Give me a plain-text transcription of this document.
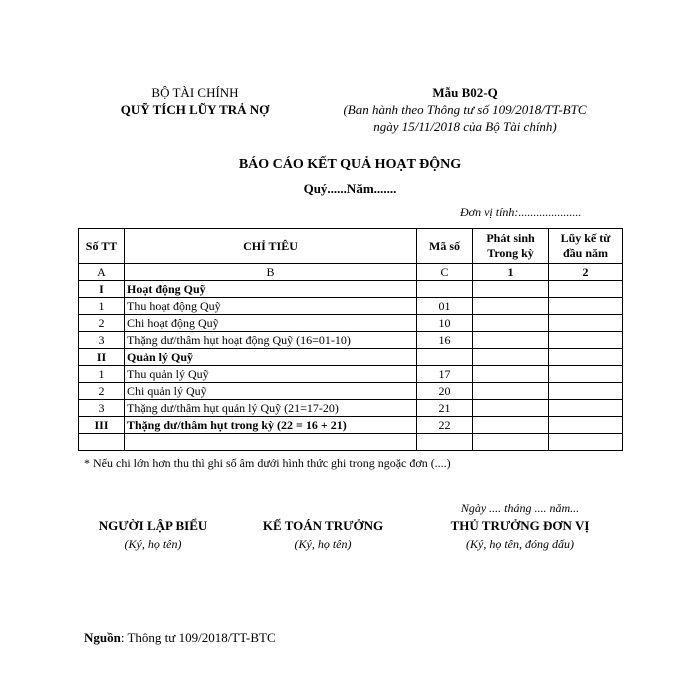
BỘ TÀI CHÍNH
QUỸ TÍCH LŨY TRẢ NỢ
Mẫu B02-Q
(Ban hành theo Thông tư số 109/2018/TT-BTC
ngày 15/11/2018 của Bộ Tài chính)
BÁO CÁO KẾT QUẢ HOẠT ĐỘNG
Quý......Năm.......
Đơn vị tính:.....................
Số TT	CHỈ TIÊU	Mã số	Phát sinh Trong kỳ	Lũy kế từ đầu năm
A	B	C	1	2
I	Hoạt động Quỹ			
1	Thu hoạt động Quỹ	01		
2	Chi hoạt động Quỹ	10		
3	Thặng dư/thâm hụt hoạt động Quỹ (16=01-10)	16		
II	Quản lý Quỹ			
1	Thu quản lý Quỹ	17		
2	Chi quản lý Quỹ	20		
3	Thặng dư/thâm hụt quản lý Quỹ (21=17-20)	21		
III	Thặng dư/thâm hụt trong kỳ (22 = 16 + 21)	22		

* Nếu chi lớn hơn thu thì ghi số âm dưới hình thức ghi trong ngoặc đơn (....)
Ngày .... tháng .... năm...
NGƯỜI LẬP BIỂU
(Ký, họ tên)
KẾ TOÁN TRƯỞNG
(Ký, họ tên)
THỦ TRƯỞNG ĐƠN VỊ
(Ký, họ tên, đóng dấu)
Nguồn: Thông tư 109/2018/TT-BTC
